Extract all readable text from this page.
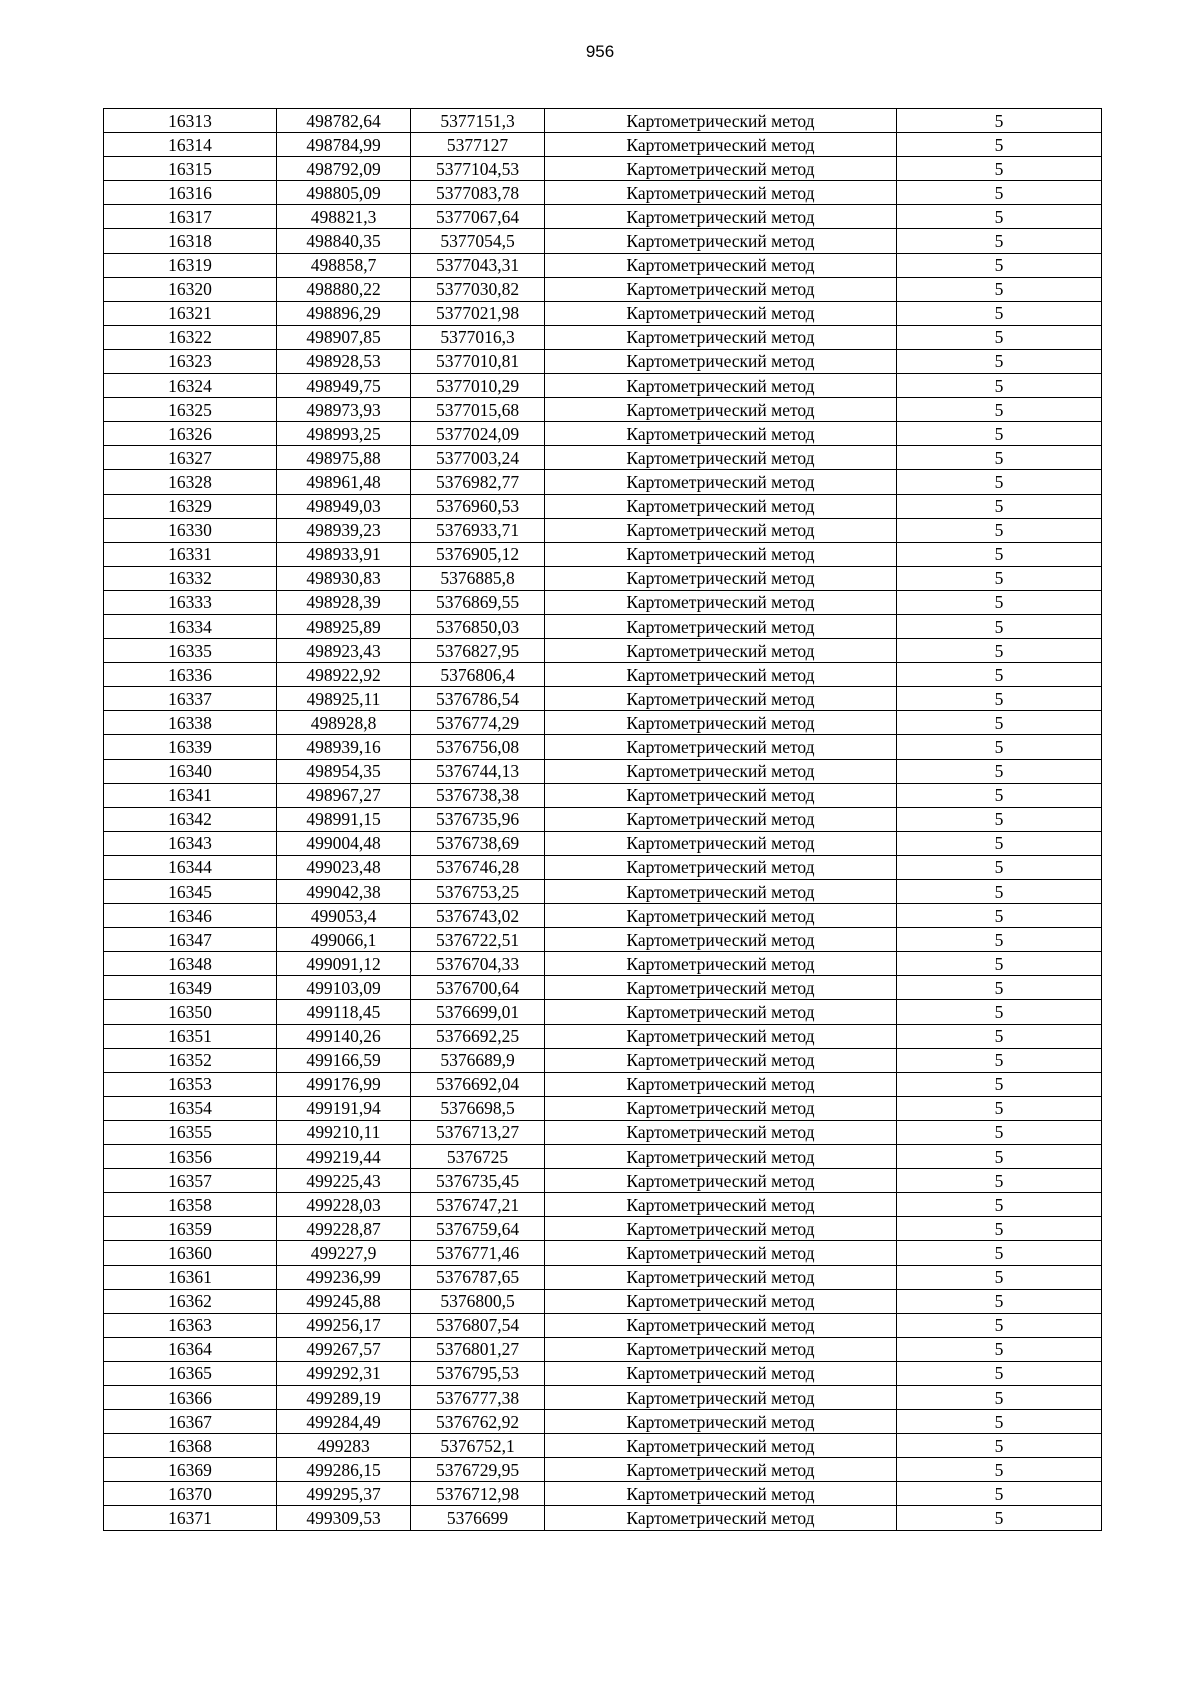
956
16313	498782,64	5377151,3	Картометрический метод	5
16314	498784,99	5377127	Картометрический метод	5
16315	498792,09	5377104,53	Картометрический метод	5
16316	498805,09	5377083,78	Картометрический метод	5
16317	498821,3	5377067,64	Картометрический метод	5
16318	498840,35	5377054,5	Картометрический метод	5
16319	498858,7	5377043,31	Картометрический метод	5
16320	498880,22	5377030,82	Картометрический метод	5
16321	498896,29	5377021,98	Картометрический метод	5
16322	498907,85	5377016,3	Картометрический метод	5
16323	498928,53	5377010,81	Картометрический метод	5
16324	498949,75	5377010,29	Картометрический метод	5
16325	498973,93	5377015,68	Картометрический метод	5
16326	498993,25	5377024,09	Картометрический метод	5
16327	498975,88	5377003,24	Картометрический метод	5
16328	498961,48	5376982,77	Картометрический метод	5
16329	498949,03	5376960,53	Картометрический метод	5
16330	498939,23	5376933,71	Картометрический метод	5
16331	498933,91	5376905,12	Картометрический метод	5
16332	498930,83	5376885,8	Картометрический метод	5
16333	498928,39	5376869,55	Картометрический метод	5
16334	498925,89	5376850,03	Картометрический метод	5
16335	498923,43	5376827,95	Картометрический метод	5
16336	498922,92	5376806,4	Картометрический метод	5
16337	498925,11	5376786,54	Картометрический метод	5
16338	498928,8	5376774,29	Картометрический метод	5
16339	498939,16	5376756,08	Картометрический метод	5
16340	498954,35	5376744,13	Картометрический метод	5
16341	498967,27	5376738,38	Картометрический метод	5
16342	498991,15	5376735,96	Картометрический метод	5
16343	499004,48	5376738,69	Картометрический метод	5
16344	499023,48	5376746,28	Картометрический метод	5
16345	499042,38	5376753,25	Картометрический метод	5
16346	499053,4	5376743,02	Картометрический метод	5
16347	499066,1	5376722,51	Картометрический метод	5
16348	499091,12	5376704,33	Картометрический метод	5
16349	499103,09	5376700,64	Картометрический метод	5
16350	499118,45	5376699,01	Картометрический метод	5
16351	499140,26	5376692,25	Картометрический метод	5
16352	499166,59	5376689,9	Картометрический метод	5
16353	499176,99	5376692,04	Картометрический метод	5
16354	499191,94	5376698,5	Картометрический метод	5
16355	499210,11	5376713,27	Картометрический метод	5
16356	499219,44	5376725	Картометрический метод	5
16357	499225,43	5376735,45	Картометрический метод	5
16358	499228,03	5376747,21	Картометрический метод	5
16359	499228,87	5376759,64	Картометрический метод	5
16360	499227,9	5376771,46	Картометрический метод	5
16361	499236,99	5376787,65	Картометрический метод	5
16362	499245,88	5376800,5	Картометрический метод	5
16363	499256,17	5376807,54	Картометрический метод	5
16364	499267,57	5376801,27	Картометрический метод	5
16365	499292,31	5376795,53	Картометрический метод	5
16366	499289,19	5376777,38	Картометрический метод	5
16367	499284,49	5376762,92	Картометрический метод	5
16368	499283	5376752,1	Картометрический метод	5
16369	499286,15	5376729,95	Картометрический метод	5
16370	499295,37	5376712,98	Картометрический метод	5
16371	499309,53	5376699	Картометрический метод	5
